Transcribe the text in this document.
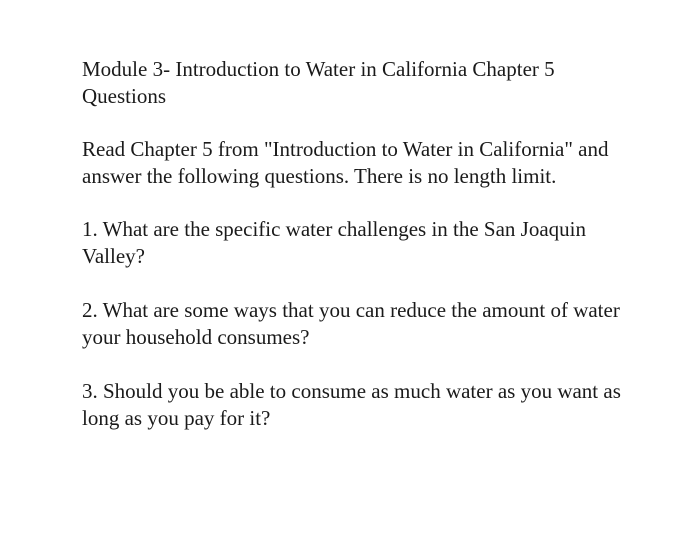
Module 3- Introduction to Water in California Chapter 5 Questions

Read Chapter 5 from "Introduction to Water in California" and answer the following questions. There is no length limit.

1. What are the specific water challenges in the San Joaquin Valley?

2. What are some ways that you can reduce the amount of water your household consumes?

3. Should you be able to consume as much water as you want as long as you pay for it?
